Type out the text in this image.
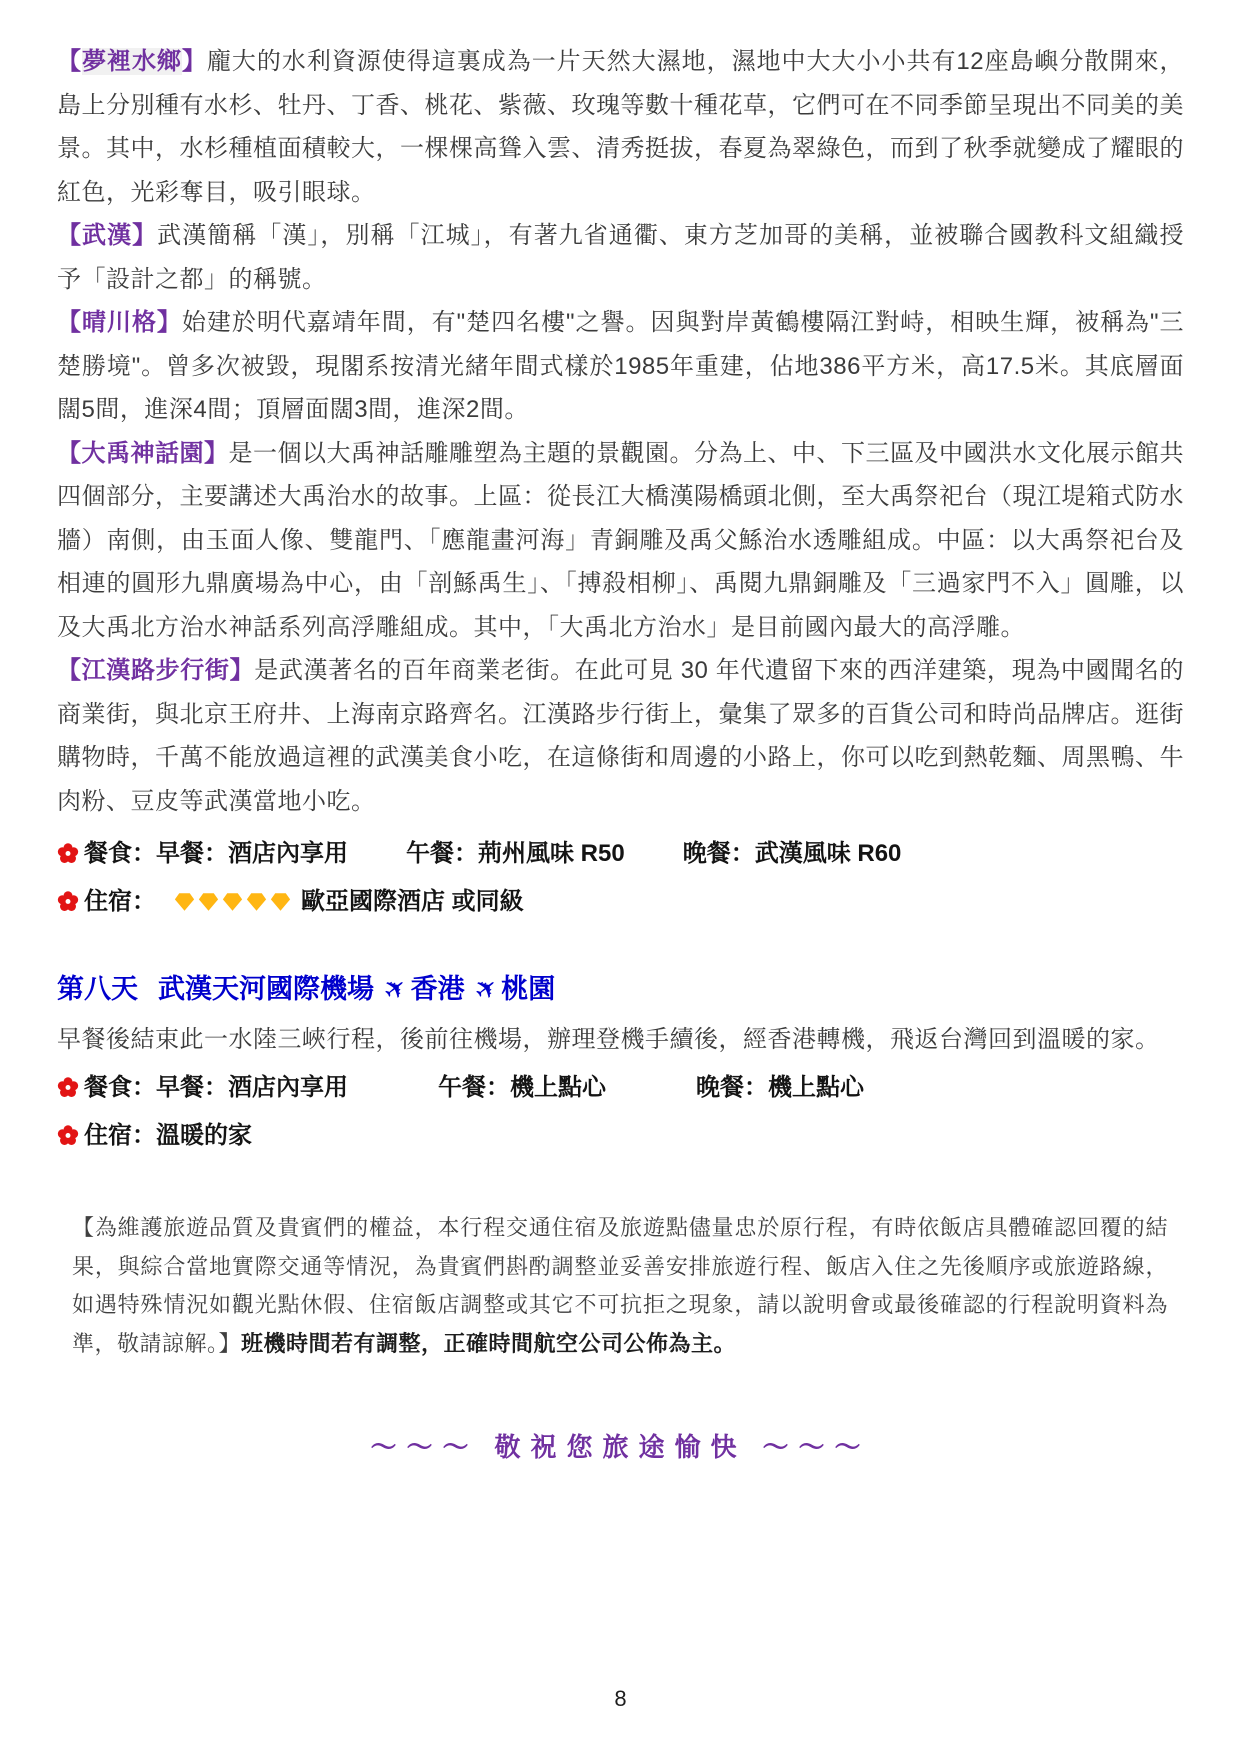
【夢裡水鄉】龐大的水利資源使得這裏成為一片天然大濕地，濕地中大大小小共有12座島嶼分散開來，島上分別種有水杉、牡丹、丁香、桃花、紫薇、玫瑰等數十種花草，它們可在不同季節呈現出不同美的美景。其中，水杉種植面積較大，一棵棵高聳入雲、清秀挺拔，春夏為翠綠色，而到了秋季就變成了耀眼的紅色，光彩奪目，吸引眼球。

【武漢】武漢簡稱「漢」，別稱「江城」，有著九省通衢、東方芝加哥的美稱，並被聯合國教科文組織授予「設計之都」的稱號。

【晴川格】始建於明代嘉靖年間，有"楚四名樓"之譽。因與對岸黃鶴樓隔江對峙，相映生輝，被稱為"三楚勝境"。曾多次被毀，現閣系按清光緒年間式樣於1985年重建，佔地386平方米，高17.5米。其底層面闊5間，進深4間；頂層面闊3間，進深2間。

【大禹神話園】是一個以大禹神話雕雕塑為主題的景觀園。分為上、中、下三區及中國洪水文化展示館共四個部分，主要講述大禹治水的故事。上區：從長江大橋漢陽橋頭北側，至大禹祭祀台（現江堤箱式防水牆）南側，由玉面人像、雙龍門、「應龍畫河海」青銅雕及禹父鯀治水透雕組成。中區：以大禹祭祀台及相連的圓形九鼎廣場為中心，由「剖鯀禹生」、「搏殺相柳」、禹閱九鼎銅雕及「三過家門不入」圓雕，以及大禹北方治水神話系列高浮雕組成。其中，「大禹北方治水」是目前國內最大的高浮雕。

【江漢路步行街】是武漢著名的百年商業老街。在此可見 30 年代遺留下來的西洋建築，現為中國聞名的商業街，與北京王府井、上海南京路齊名。江漢路步行街上，彙集了眾多的百貨公司和時尚品牌店。逛街購物時，千萬不能放過這裡的武漢美食小吃，在這條街和周邊的小路上，你可以吃到熱乾麵、周黑鴨、牛肉粉、豆皮等武漢當地小吃。

餐食： 早餐：酒店內享用 午餐：荊州風味 R50 晚餐：武漢風味 R60
住宿：	歐亞國際酒店 或同級
第八天 武漢天河國際機場 ✈香港 ✈桃園
早餐後結束此一水陸三峽行程，後前往機場，辦理登機手續後，經香港轉機，飛返台灣回到溫暖的家。
餐食： 早餐：酒店內享用	午餐：機上點心	晚餐：機上點心
住宿： 溫暖的家
【為維護旅遊品質及貴賓們的權益，本行程交通住宿及旅遊點儘量忠於原行程，有時依飯店具體確認回覆的結果，與綜合當地實際交通等情況，為貴賓們斟酌調整並妥善安排旅遊行程、飯店入住之先後順序或旅遊路線，如遇特殊情況如觀光點休假、住宿飯店調整或其它不可抗拒之現象，請以說明會或最後確認的行程說明資料為準，敬請諒解。】班機時間若有調整，正確時間航空公司公佈為主。
～～～ 敬祝您旅途愉快 ～～～
8
